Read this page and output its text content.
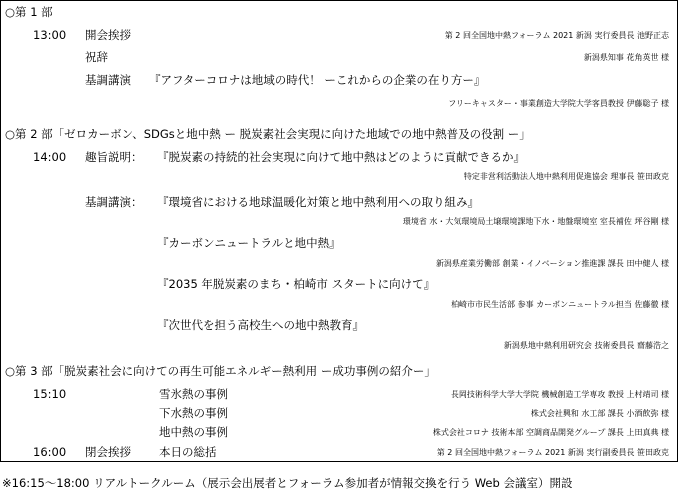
○第 1 部
13:00 開会挨拶	第 2 回全国地中熱フォーラム 2021 新潟 実行委員長 池野正志
祝辞	新潟県知事 花角英世 様
基調講演 『アフターコロナは地域の時代！ ーこれからの企業の在り方ー』
フリーキャスター・事業創造大学院大学客員教授 伊藤聡子 様
○第 2 部「ゼロカーボン、SDGsと地中熱 ー 脱炭素社会実現に向けた地域での地中熱普及の役割 ー」
14:00 趣旨説明： 『脱炭素の持続的社会実現に向けて地中熱はどのように貢献できるか』
特定非営利活動法人地中熱利用促進協会 理事長 笹田政克
基調講演： 『環境省における地球温暖化対策と地中熱利用への取り組み』
環境省 水・大気環境局土壌環境課地下水・地盤環境室 室長補佐 坪谷剛 様
『カーボンニュートラルと地中熱』
新潟県産業労働部 創業・イノベーション推進課 課長 田中健人 様
『2035 年脱炭素のまち・柏崎市 スタートに向けて』
柏崎市市民生活部 参事 カーボンニュートラル担当 佐藤徹 様
『次世代を担う高校生への地中熱教育』
新潟県地中熱利用研究会 技術委員長 齋藤浩之
○第 3 部「脱炭素社会に向けての再生可能エネルギー熱利用 ー成功事例の紹介ー」
15:10	雪氷熱の事例	長岡技術科学大学大学院 機械創造工学専攻 教授 上村靖司 様
下水熱の事例	株式会社興和 水工部 課長 小酒飲弥 様
地中熱の事例	株式会社コロナ 技術本部 空調商品開発グループ 課長 上田真典 様
16:00 閉会挨拶 本日の総括	第 2 回全国地中熱フォーラム 2021 新潟 実行副委員長 笹田政克
※16:15～18:00 リアルトークルーム（展示会出展者とフォーラム参加者が情報交換を行う Web 会議室）開設
